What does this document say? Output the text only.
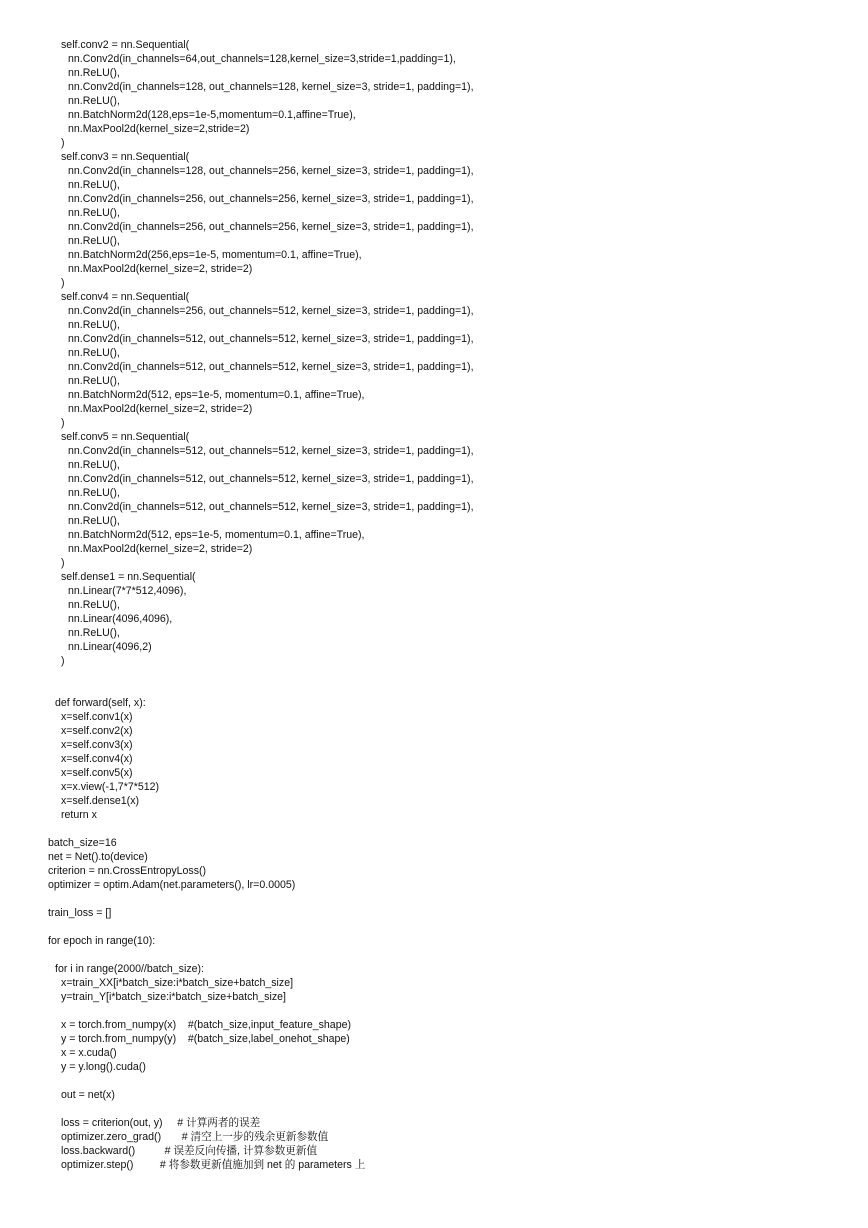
self.conv2 = nn.Sequential(
nn.Conv2d(in_channels=64,out_channels=128,kernel_size=3,stride=1,padding=1),
nn.ReLU(),
nn.Conv2d(in_channels=128, out_channels=128, kernel_size=3, stride=1, padding=1),
nn.ReLU(),
nn.BatchNorm2d(128,eps=1e-5,momentum=0.1,affine=True),
nn.MaxPool2d(kernel_size=2,stride=2)
)
self.conv3 = nn.Sequential(
nn.Conv2d(in_channels=128, out_channels=256, kernel_size=3, stride=1, padding=1),
nn.ReLU(),
nn.Conv2d(in_channels=256, out_channels=256, kernel_size=3, stride=1, padding=1),
nn.ReLU(),
nn.Conv2d(in_channels=256, out_channels=256, kernel_size=3, stride=1, padding=1),
nn.ReLU(),
nn.BatchNorm2d(256,eps=1e-5, momentum=0.1, affine=True),
nn.MaxPool2d(kernel_size=2, stride=2)
)
self.conv4 = nn.Sequential(
nn.Conv2d(in_channels=256, out_channels=512, kernel_size=3, stride=1, padding=1),
nn.ReLU(),
nn.Conv2d(in_channels=512, out_channels=512, kernel_size=3, stride=1, padding=1),
nn.ReLU(),
nn.Conv2d(in_channels=512, out_channels=512, kernel_size=3, stride=1, padding=1),
nn.ReLU(),
nn.BatchNorm2d(512, eps=1e-5, momentum=0.1, affine=True),
nn.MaxPool2d(kernel_size=2, stride=2)
)
self.conv5 = nn.Sequential(
nn.Conv2d(in_channels=512, out_channels=512, kernel_size=3, stride=1, padding=1),
nn.ReLU(),
nn.Conv2d(in_channels=512, out_channels=512, kernel_size=3, stride=1, padding=1),
nn.ReLU(),
nn.Conv2d(in_channels=512, out_channels=512, kernel_size=3, stride=1, padding=1),
nn.ReLU(),
nn.BatchNorm2d(512, eps=1e-5, momentum=0.1, affine=True),
nn.MaxPool2d(kernel_size=2, stride=2)
)
self.dense1 = nn.Sequential(
nn.Linear(7*7*512,4096),
nn.ReLU(),
nn.Linear(4096,4096),
nn.ReLU(),
nn.Linear(4096,2)
)
def forward(self, x):
x=self.conv1(x)
x=self.conv2(x)
x=self.conv3(x)
x=self.conv4(x)
x=self.conv5(x)
x=x.view(-1,7*7*512)
x=self.dense1(x)
return x
batch_size=16
net = Net().to(device)
criterion = nn.CrossEntropyLoss()
optimizer = optim.Adam(net.parameters(), lr=0.0005)
train_loss = []
for epoch in range(10):
for i in range(2000//batch_size):
x=train_XX[i*batch_size:i*batch_size+batch_size]
y=train_Y[i*batch_size:i*batch_size+batch_size]
x = torch.from_numpy(x)    #(batch_size,input_feature_shape)
y = torch.from_numpy(y)    #(batch_size,label_onehot_shape)
x = x.cuda()
y = y.long().cuda()
out = net(x)
loss = criterion(out, y)     # 计算两者的误差
optimizer.zero_grad()       # 清空上一步的残余更新参数值
loss.backward()          # 误差反向传播, 计算参数更新值
optimizer.step()         # 将参数更新值施加到 net 的 parameters 上
